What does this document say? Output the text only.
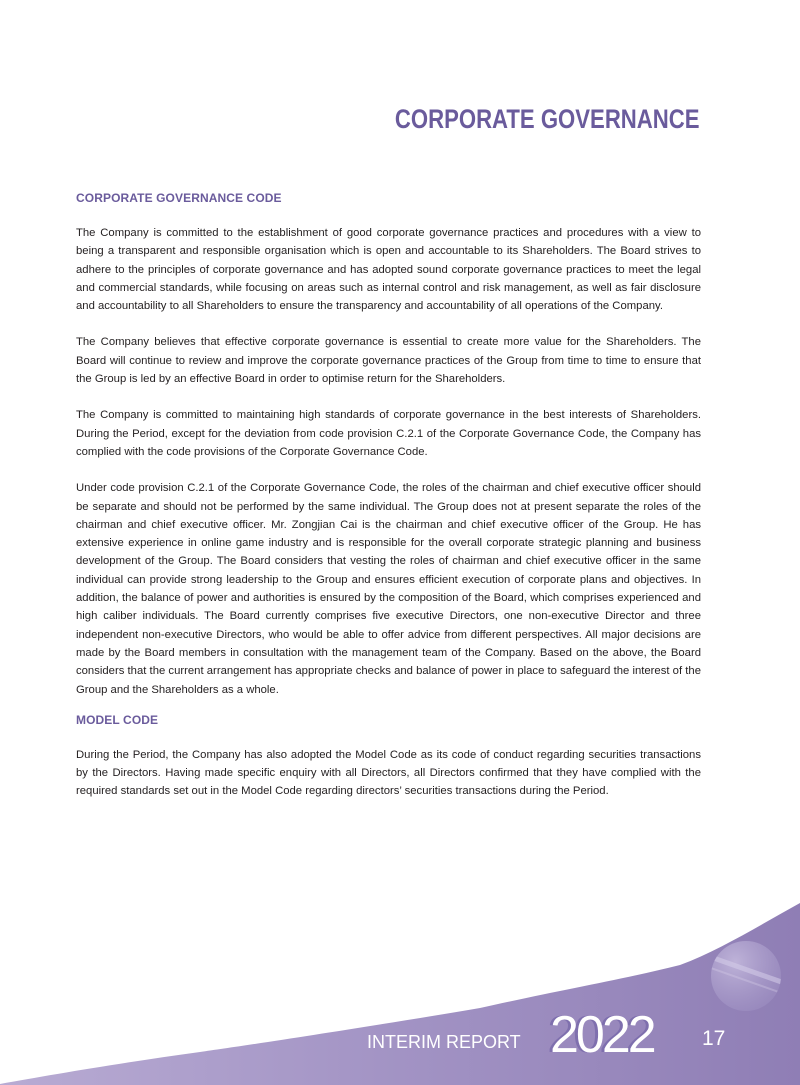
CORPORATE GOVERNANCE
CORPORATE GOVERNANCE CODE

The Company is committed to the establishment of good corporate governance practices and procedures with a view to being a transparent and responsible organisation which is open and accountable to its Shareholders. The Board strives to adhere to the principles of corporate governance and has adopted sound corporate governance practices to meet the legal and commercial standards, while focusing on areas such as internal control and risk management, as well as fair disclosure and accountability to all Shareholders to ensure the transparency and accountability of all operations of the Company.

The Company believes that effective corporate governance is essential to create more value for the Shareholders. The Board will continue to review and improve the corporate governance practices of the Group from time to time to ensure that the Group is led by an effective Board in order to optimise return for the Shareholders.

The Company is committed to maintaining high standards of corporate governance in the best interests of Shareholders. During the Period, except for the deviation from code provision C.2.1 of the Corporate Governance Code, the Company has complied with the code provisions of the Corporate Governance Code.

Under code provision C.2.1 of the Corporate Governance Code, the roles of the chairman and chief executive officer should be separate and should not be performed by the same individual. The Group does not at present separate the roles of the chairman and chief executive officer. Mr. Zongjian Cai is the chairman and chief executive officer of the Group. He has extensive experience in online game industry and is responsible for the overall corporate strategic planning and business development of the Group. The Board considers that vesting the roles of chairman and chief executive officer in the same individual can provide strong leadership to the Group and ensures efficient execution of corporate plans and objectives. In addition, the balance of power and authorities is ensured by the composition of the Board, which comprises experienced and high caliber individuals. The Board currently comprises five executive Directors, one non-executive Director and three independent non-executive Directors, who would be able to offer advice from different perspectives. All major decisions are made by the Board members in consultation with the management team of the Company. Based on the above, the Board considers that the current arrangement has appropriate checks and balance of power in place to safeguard the interest of the Group and the Shareholders as a whole.

MODEL CODE

During the Period, the Company has also adopted the Model Code as its code of conduct regarding securities transactions by the Directors. Having made specific enquiry with all Directors, all Directors confirmed that they have complied with the required standards set out in the Model Code regarding directors’ securities transactions during the Period.

INTERIM REPORT 2022 17
